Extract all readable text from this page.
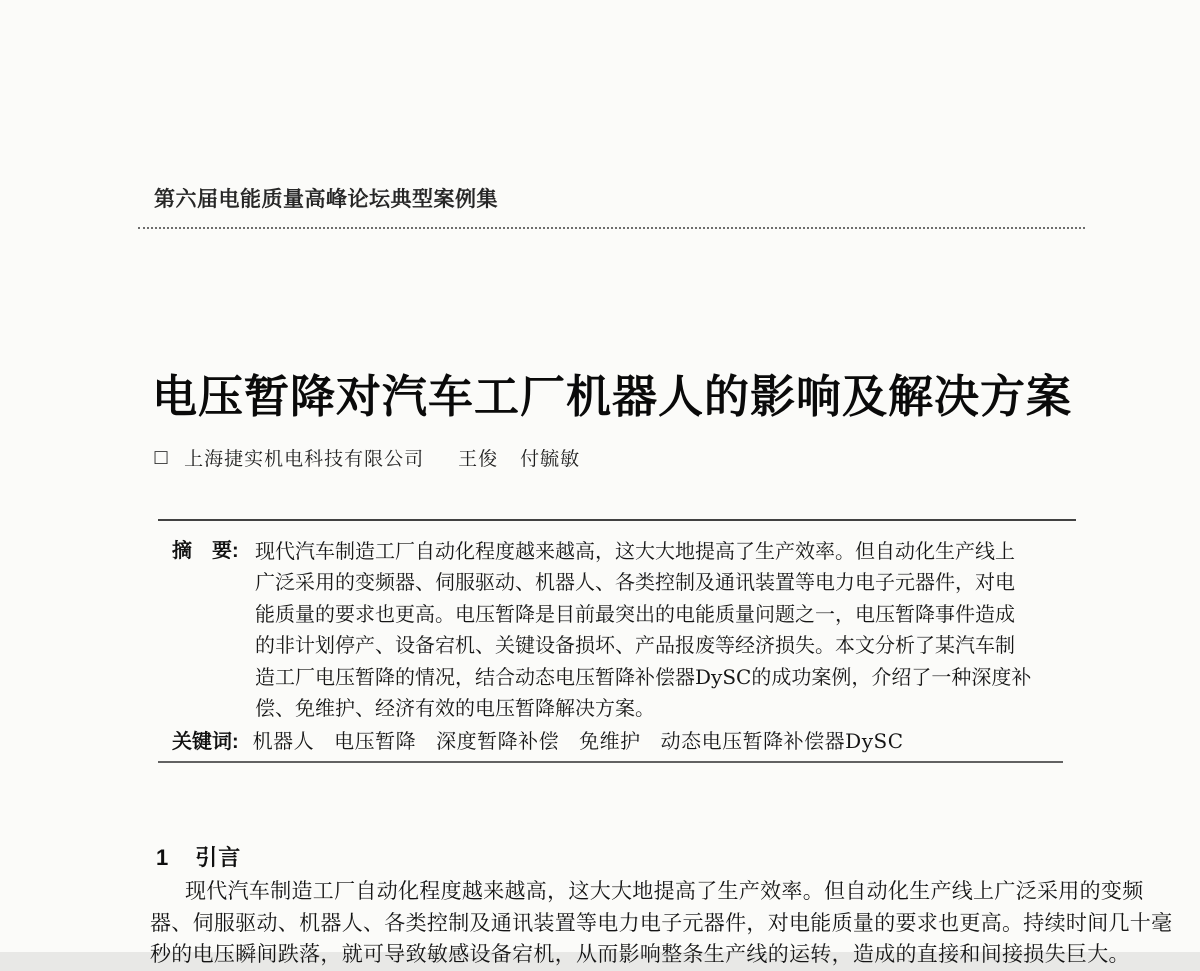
第六届电能质量高峰论坛典型案例集
电压暂降对汽车工厂机器人的影响及解决方案
□ 上海捷实机电科技有限公司 王俊 付毓敏
摘　要: 现代汽车制造工厂自动化程度越来越高，这大大地提高了生产效率。但自动化生产线上
广泛采用的变频器、伺服驱动、机器人、各类控制及通讯装置等电力电子元器件，对电
能质量的要求也更高。电压暂降是目前最突出的电能质量问题之一，电压暂降事件造成
的非计划停产、设备宕机、关键设备损坏、产品报废等经济损失。本文分析了某汽车制
造工厂电压暂降的情况，结合动态电压暂降补偿器DySC的成功案例，介绍了一种深度补
偿、免维护、经济有效的电压暂降解决方案。
关键词: 机器人 电压暂降 深度暂降补偿 免维护 动态电压暂降补偿器DySC
1 引言
现代汽车制造工厂自动化程度越来越高，这大大地提高了生产效率。但自动化生产线上广泛采用的变频
器、伺服驱动、机器人、各类控制及通讯装置等电力电子元器件，对电能质量的要求也更高。持续时间几十毫
秒的电压瞬间跌落，就可导致敏感设备宕机，从而影响整条生产线的运转，造成的直接和间接损失巨大。
